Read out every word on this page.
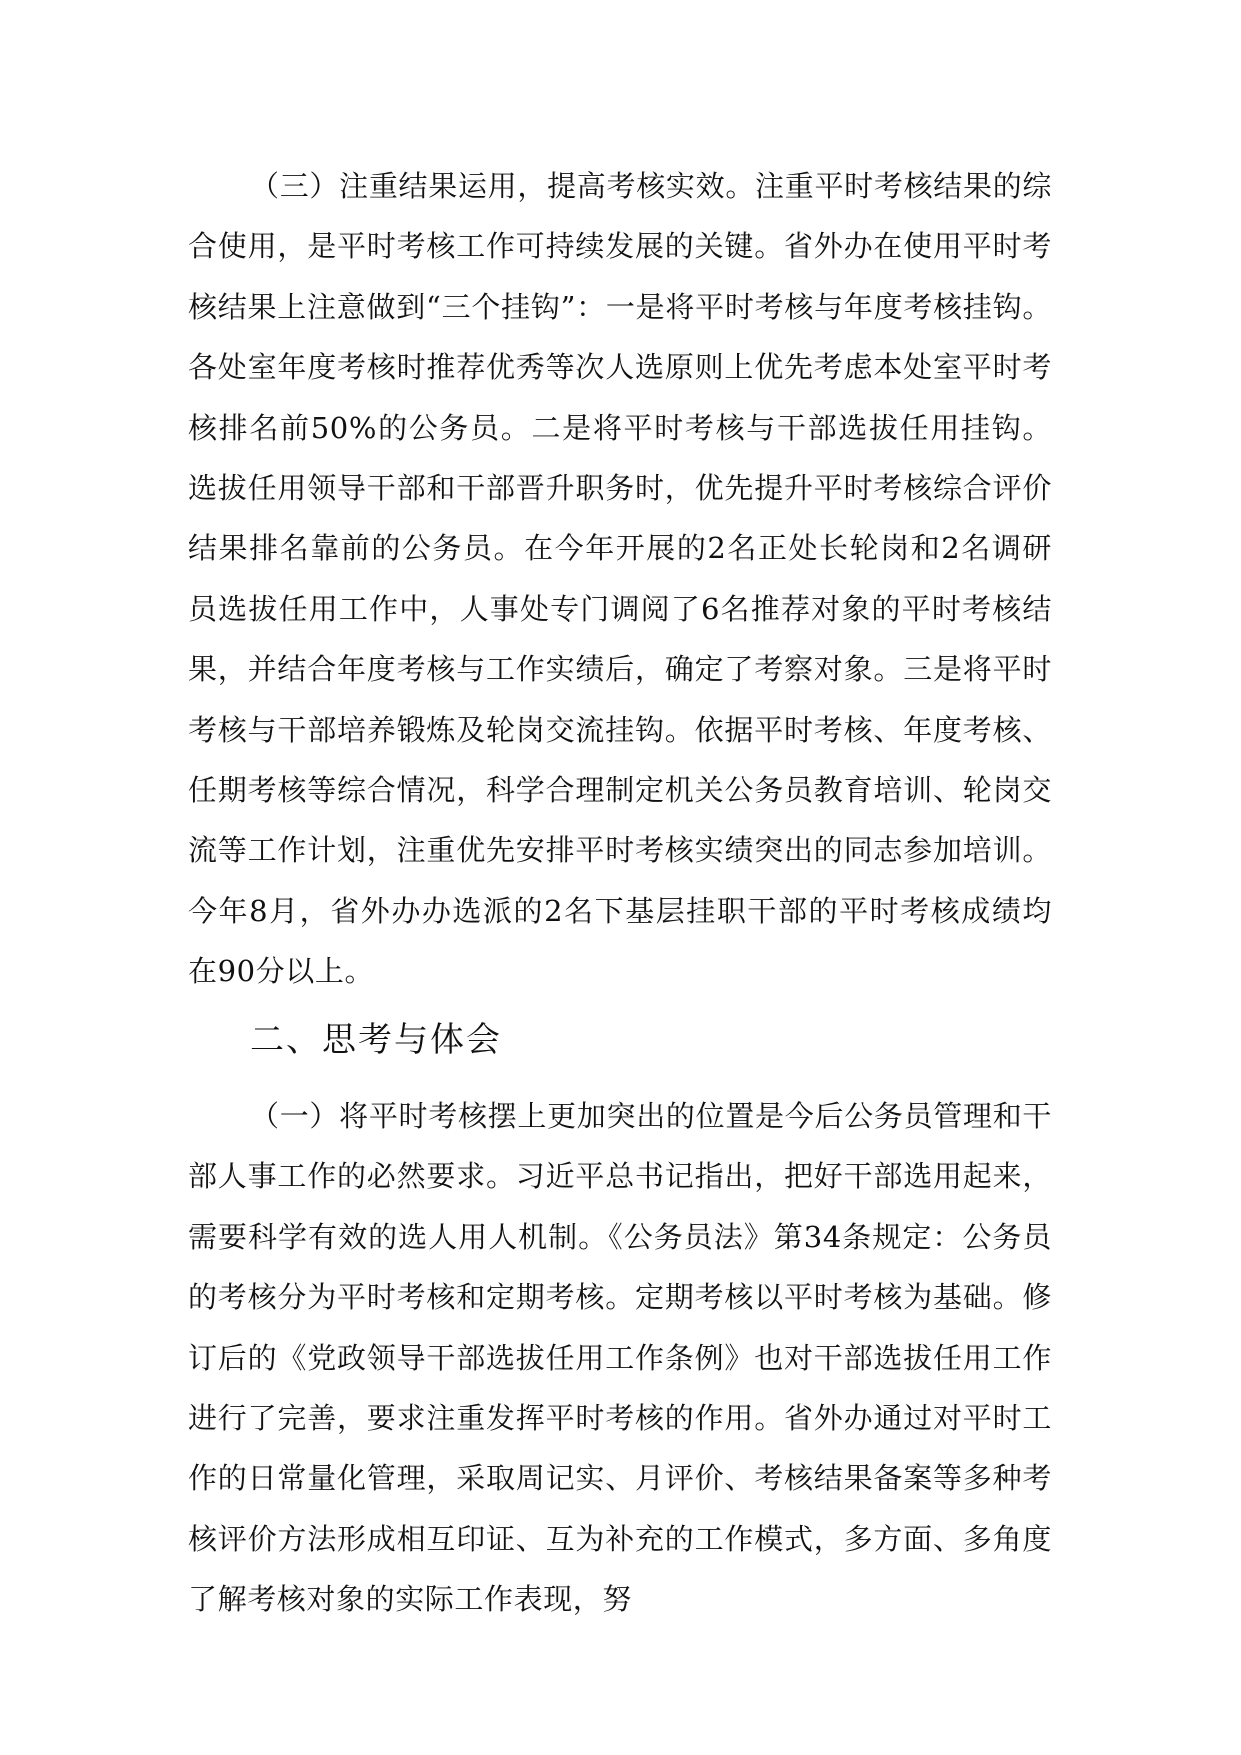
（三）注重结果运用，提高考核实效。注重平时考核结果的综合使用，是平时考核工作可持续发展的关键。省外办在使用平时考核结果上注意做到“三个挂钩”：一是将平时考核与年度考核挂钩。各处室年度考核时推荐优秀等次人选原则上优先考虑本处室平时考核排名前50%的公务员。二是将平时考核与干部选拔任用挂钩。选拔任用领导干部和干部晋升职务时，优先提升平时考核综合评价结果排名靠前的公务员。在今年开展的2名正处长轮岗和2名调研员选拔任用工作中，人事处专门调阅了6名推荐对象的平时考核结果，并结合年度考核与工作实绩后，确定了考察对象。三是将平时考核与干部培养锻炼及轮岗交流挂钩。依据平时考核、年度考核、任期考核等综合情况，科学合理制定机关公务员教育培训、轮岗交流等工作计划，注重优先安排平时考核实绩突出的同志参加培训。今年8月，省外办办选派的2名下基层挂职干部的平时考核成绩均在90分以上。

二、思考与体会

（一）将平时考核摆上更加突出的位置是今后公务员管理和干部人事工作的必然要求。习近平总书记指出，把好干部选用起来，需要科学有效的选人用人机制。《公务员法》第34条规定：公务员的考核分为平时考核和定期考核。定期考核以平时考核为基础。修订后的《党政领导干部选拔任用工作条例》也对干部选拔任用工作进行了完善，要求注重发挥平时考核的作用。省外办通过对平时工作的日常量化管理，采取周记实、月评价、考核结果备案等多种考核评价方法形成相互印证、互为补充的工作模式，多方面、多角度了解考核对象的实际工作表现，努
